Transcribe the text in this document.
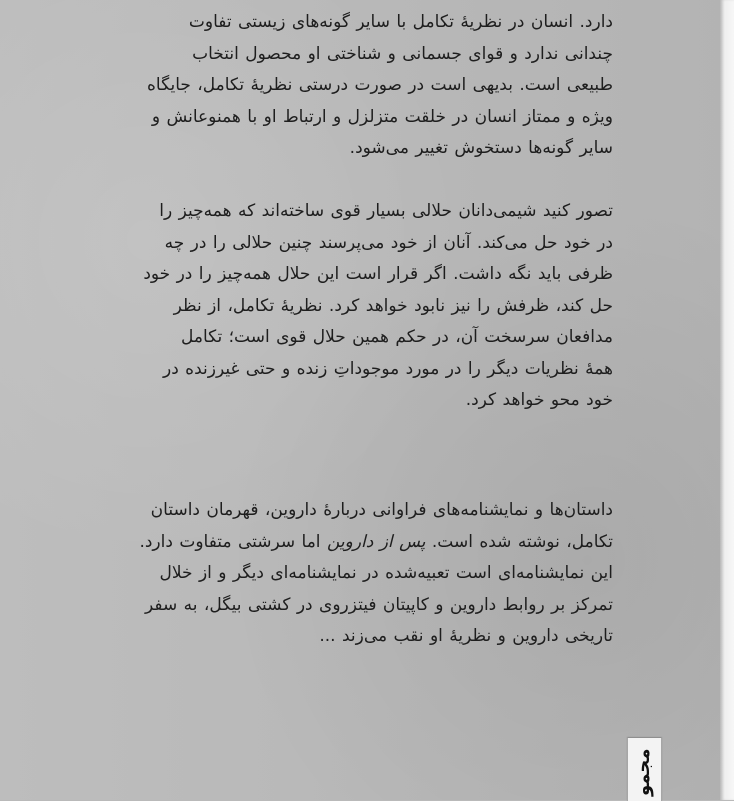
دارد. انسان در نظریهٔ تکامل با سایر گونه‌های زیستی تفاوت
چندانی ندارد و قوای جسمانی و شناختی او محصول انتخاب
طبیعی است. بدیهی است در صورت درستی نظریهٔ تکامل، جایگاه
ویژه و ممتاز انسان در خلقت متزلزل و ارتباط او با همنوعانش و
سایر گونه‌ها دستخوش تغییر می‌شود.
تصور کنید شیمی‌دانان حلالی بسیار قوی ساخته‌اند که همه‌چیز را
در خود حل می‌کند. آنان از خود می‌پرسند چنین حلالی را در چه
ظرفی باید نگه داشت. اگر قرار است این حلال همه‌چیز را در خود
حل کند، ظرفش را نیز نابود خواهد کرد. نظریهٔ تکامل، از نظر
مدافعان سرسخت آن، در حکم همین حلال قوی است؛ تکامل
همهٔ نظریات دیگر را در مورد موجوداتِ زنده و حتی غیرزنده در
خود محو خواهد کرد.
داستان‌ها و نمایشنامه‌های فراوانی دربارهٔ داروین، قهرمان داستان
تکامل، نوشته شده است. پس از داروین اما سرشتی متفاوت دارد.
این نمایشنامه‌ای است تعبیه‌شده در نمایشنامه‌ای دیگر و از خلال
تمرکز بر روابط داروین و کاپیتان فیتزروی در کشتی بیگل، به سفر
تاریخی داروین و نظریهٔ او نقب می‌زند ...
مجمو
